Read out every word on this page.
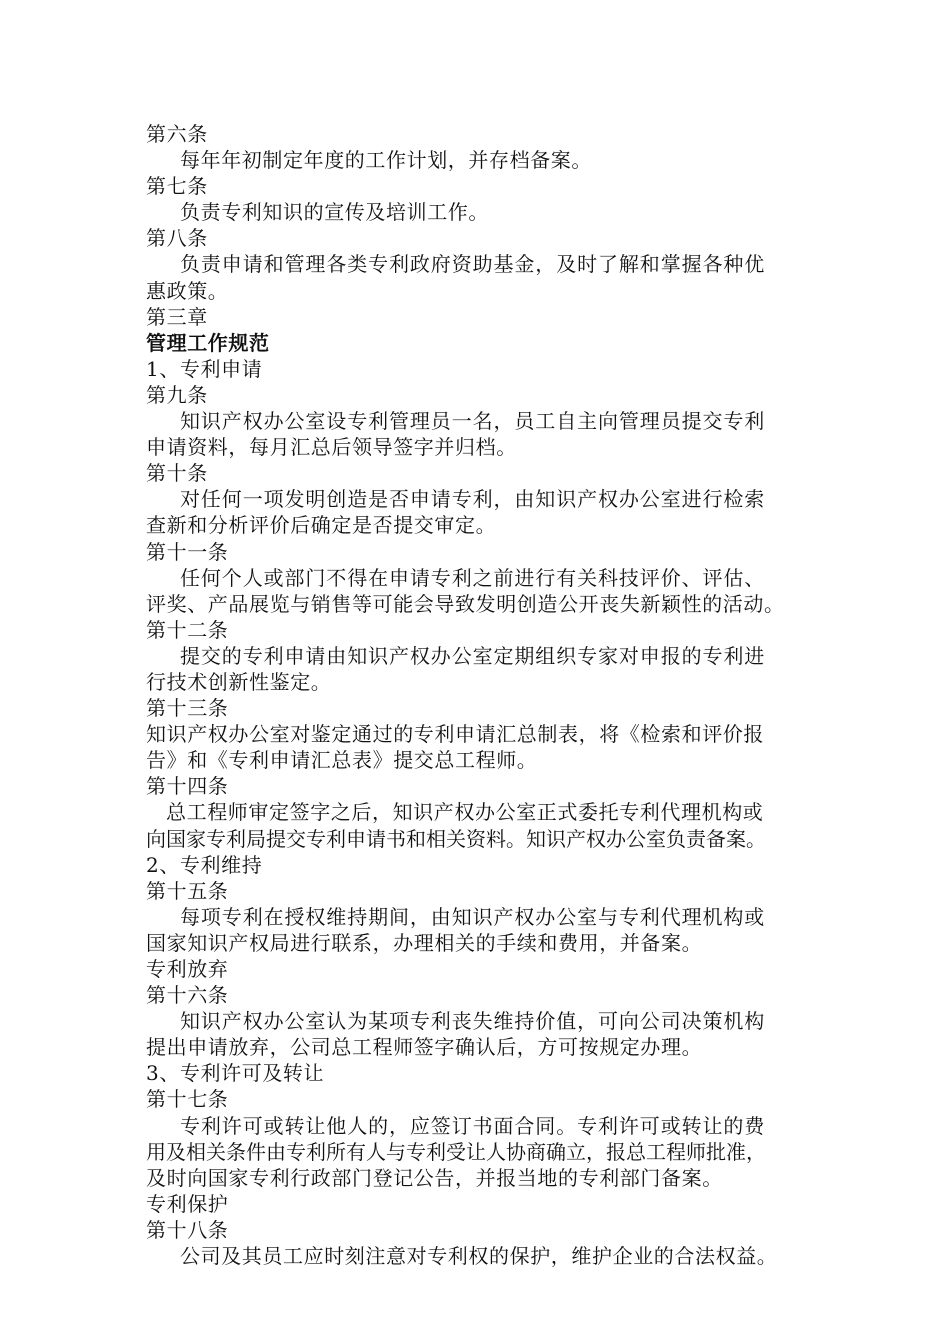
第六条
每年年初制定年度的工作计划，并存档备案。
第七条
负责专利知识的宣传及培训工作。
第八条
负责申请和管理各类专利政府资助基金，及时了解和掌握各种优
惠政策。
第三章
管理工作规范
1、专利申请
第九条
知识产权办公室设专利管理员一名，员工自主向管理员提交专利
申请资料，每月汇总后领导签字并归档。
第十条
对任何一项发明创造是否申请专利，由知识产权办公室进行检索
查新和分析评价后确定是否提交审定。
第十一条
任何个人或部门不得在申请专利之前进行有关科技评价、评估、
评奖、产品展览与销售等可能会导致发明创造公开丧失新颖性的活动。
第十二条
提交的专利申请由知识产权办公室定期组织专家对申报的专利进
行技术创新性鉴定。
第十三条
知识产权办公室对鉴定通过的专利申请汇总制表，将《检索和评价报
告》和《专利申请汇总表》提交总工程师。
第十四条
总工程师审定签字之后，知识产权办公室正式委托专利代理机构或
向国家专利局提交专利申请书和相关资料。知识产权办公室负责备案。
2、专利维持
第十五条
每项专利在授权维持期间，由知识产权办公室与专利代理机构或
国家知识产权局进行联系，办理相关的手续和费用，并备案。
专利放弃
第十六条
知识产权办公室认为某项专利丧失维持价值，可向公司决策机构
提出申请放弃，公司总工程师签字确认后，方可按规定办理。
3、专利许可及转让
第十七条
专利许可或转让他人的，应签订书面合同。专利许可或转让的费
用及相关条件由专利所有人与专利受让人协商确立，报总工程师批准，
及时向国家专利行政部门登记公告，并报当地的专利部门备案。
专利保护
第十八条
公司及其员工应时刻注意对专利权的保护，维护企业的合法权益。
